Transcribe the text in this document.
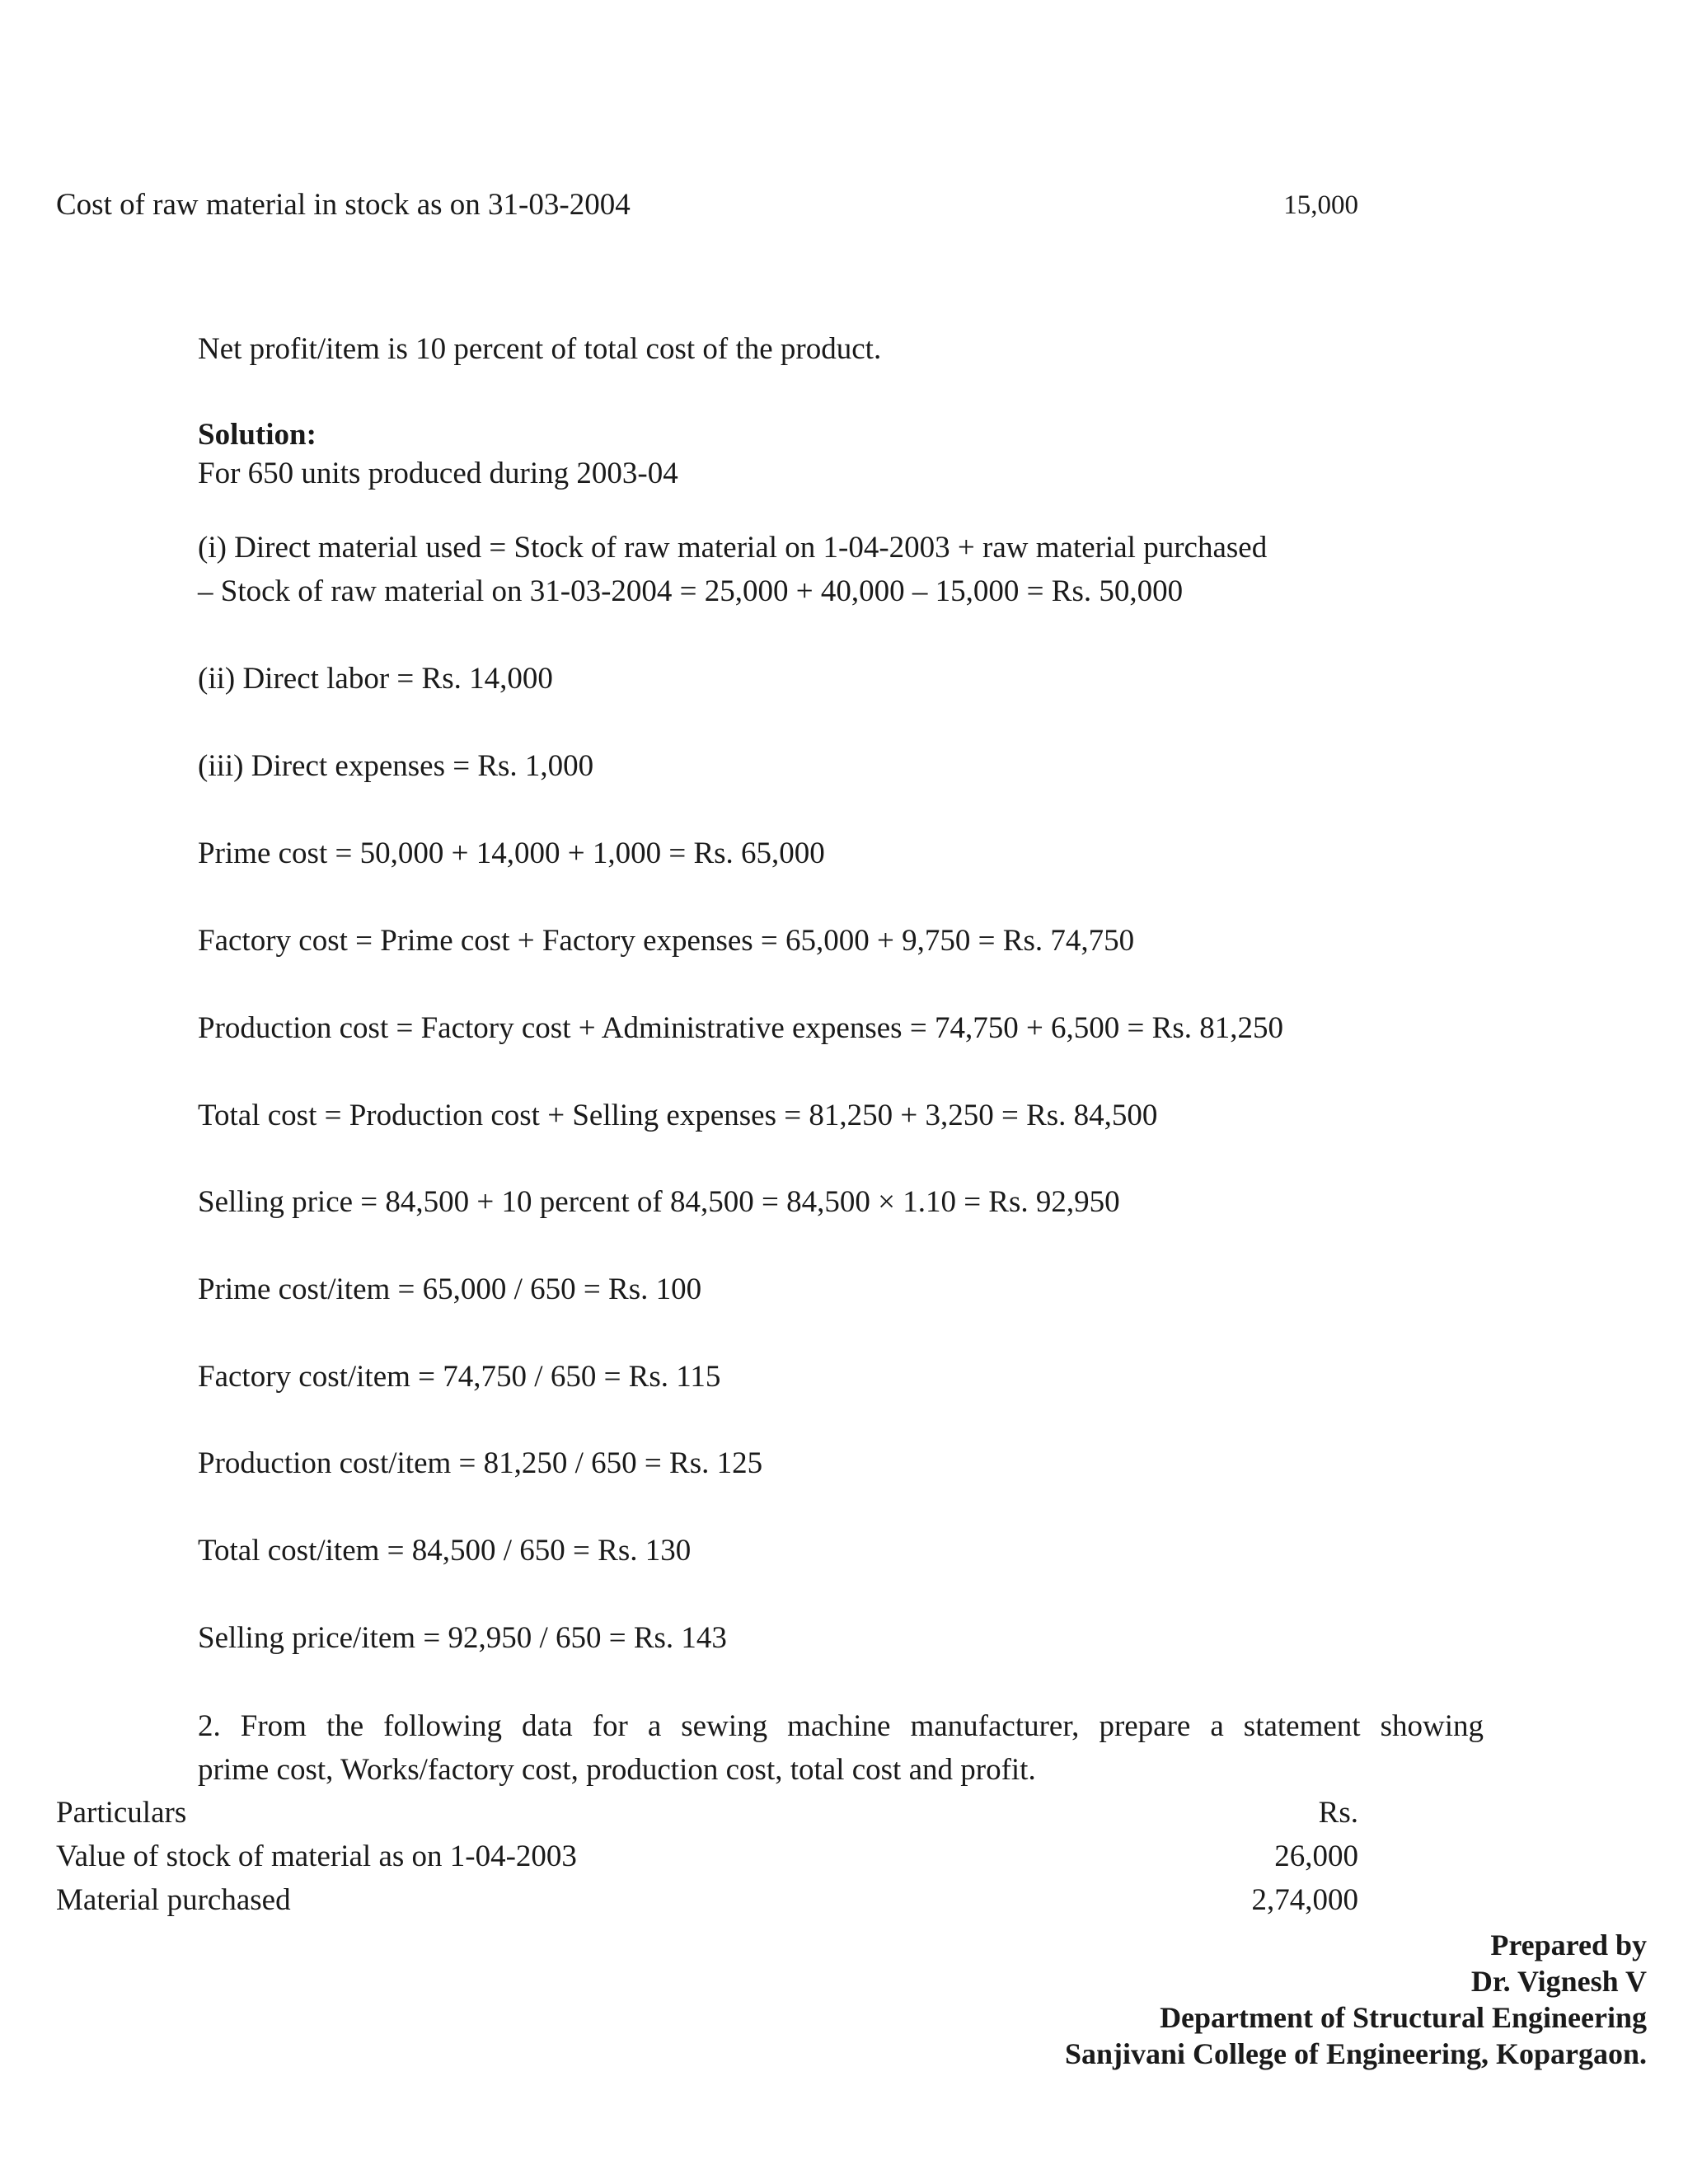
Cost of raw material in stock as on 31-03-2004	15,000
Net profit/item is 10 percent of total cost of the product.
Solution:
For 650 units produced during 2003-04
(i) Direct material used = Stock of raw material on 1-04-2003 + raw material purchased
– Stock of raw material on 31-03-2004 = 25,000 + 40,000 – 15,000 = Rs. 50,000
(ii) Direct labor = Rs. 14,000
(iii) Direct expenses = Rs. 1,000
Prime cost = 50,000 + 14,000 + 1,000 = Rs. 65,000
Factory cost = Prime cost + Factory expenses = 65,000 + 9,750 = Rs. 74,750
Production cost = Factory cost + Administrative expenses = 74,750 + 6,500 = Rs. 81,250
Total cost = Production cost + Selling expenses = 81,250 + 3,250 = Rs. 84,500
Selling price = 84,500 + 10 percent of 84,500 = 84,500 × 1.10 = Rs. 92,950
Prime cost/item = 65,000 / 650 = Rs. 100
Factory cost/item = 74,750 / 650 = Rs. 115
Production cost/item = 81,250 / 650 = Rs. 125
Total cost/item = 84,500 / 650 = Rs. 130
Selling price/item = 92,950 / 650 = Rs. 143
2. From the following data for a sewing machine manufacturer, prepare a statement showing
prime cost, Works/factory cost, production cost, total cost and profit.
Particulars	Rs.
Value of stock of material as on 1-04-2003	26,000
Material purchased	2,74,000
Prepared by
Dr. Vignesh V
Department of Structural Engineering
Sanjivani College of Engineering, Kopargaon.
